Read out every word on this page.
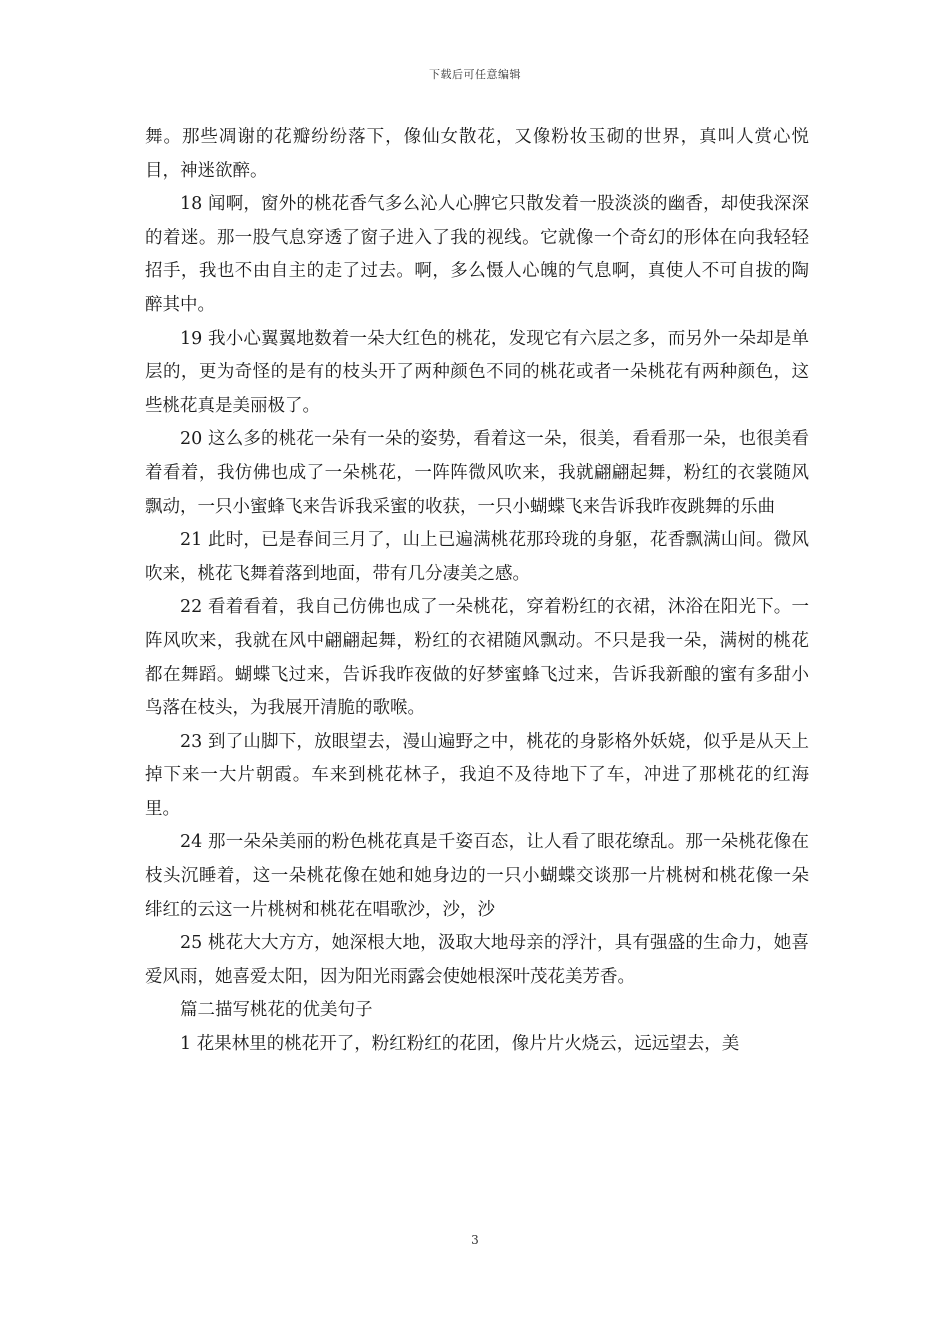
下载后可任意编辑

舞。那些凋谢的花瓣纷纷落下，像仙女散花，又像粉妆玉砌的世界，真叫人赏心悦目，神迷欲醉。

18 闻啊，窗外的桃花香气多么沁人心脾它只散发着一股淡淡的幽香，却使我深深的着迷。那一股气息穿透了窗子进入了我的视线。它就像一个奇幻的形体在向我轻轻招手，我也不由自主的走了过去。啊，多么慑人心魄的气息啊，真使人不可自拔的陶醉其中。

19 我小心翼翼地数着一朵大红色的桃花，发现它有六层之多，而另外一朵却是单层的，更为奇怪的是有的枝头开了两种颜色不同的桃花或者一朵桃花有两种颜色，这些桃花真是美丽极了。

20 这么多的桃花一朵有一朵的姿势，看着这一朵，很美，看看那一朵，也很美看着看着，我仿佛也成了一朵桃花，一阵阵微风吹来，我就翩翩起舞，粉红的衣裳随风飘动，一只小蜜蜂飞来告诉我采蜜的收获，一只小蝴蝶飞来告诉我昨夜跳舞的乐曲

21 此时，已是春间三月了，山上已遍满桃花那玲珑的身躯，花香飘满山间。微风吹来，桃花飞舞着落到地面，带有几分凄美之感。

22 看着看着，我自己仿佛也成了一朵桃花，穿着粉红的衣裙，沐浴在阳光下。一阵风吹来，我就在风中翩翩起舞，粉红的衣裙随风飘动。不只是我一朵，满树的桃花都在舞蹈。蝴蝶飞过来，告诉我昨夜做的好梦蜜蜂飞过来，告诉我新酿的蜜有多甜小鸟落在枝头，为我展开清脆的歌喉。

23 到了山脚下，放眼望去，漫山遍野之中，桃花的身影格外妖娆，似乎是从天上掉下来一大片朝霞。车来到桃花林子，我迫不及待地下了车，冲进了那桃花的红海里。

24 那一朵朵美丽的粉色桃花真是千姿百态，让人看了眼花缭乱。那一朵桃花像在枝头沉睡着，这一朵桃花像在她和她身边的一只小蝴蝶交谈那一片桃树和桃花像一朵绯红的云这一片桃树和桃花在唱歌沙，沙，沙

25 桃花大大方方，她深根大地，汲取大地母亲的浮汁，具有强盛的生命力，她喜爱风雨，她喜爱太阳，因为阳光雨露会使她根深叶茂花美芳香。

篇二描写桃花的优美句子

1 花果林里的桃花开了，粉红粉红的花团，像片片火烧云，远远望去，美

3
